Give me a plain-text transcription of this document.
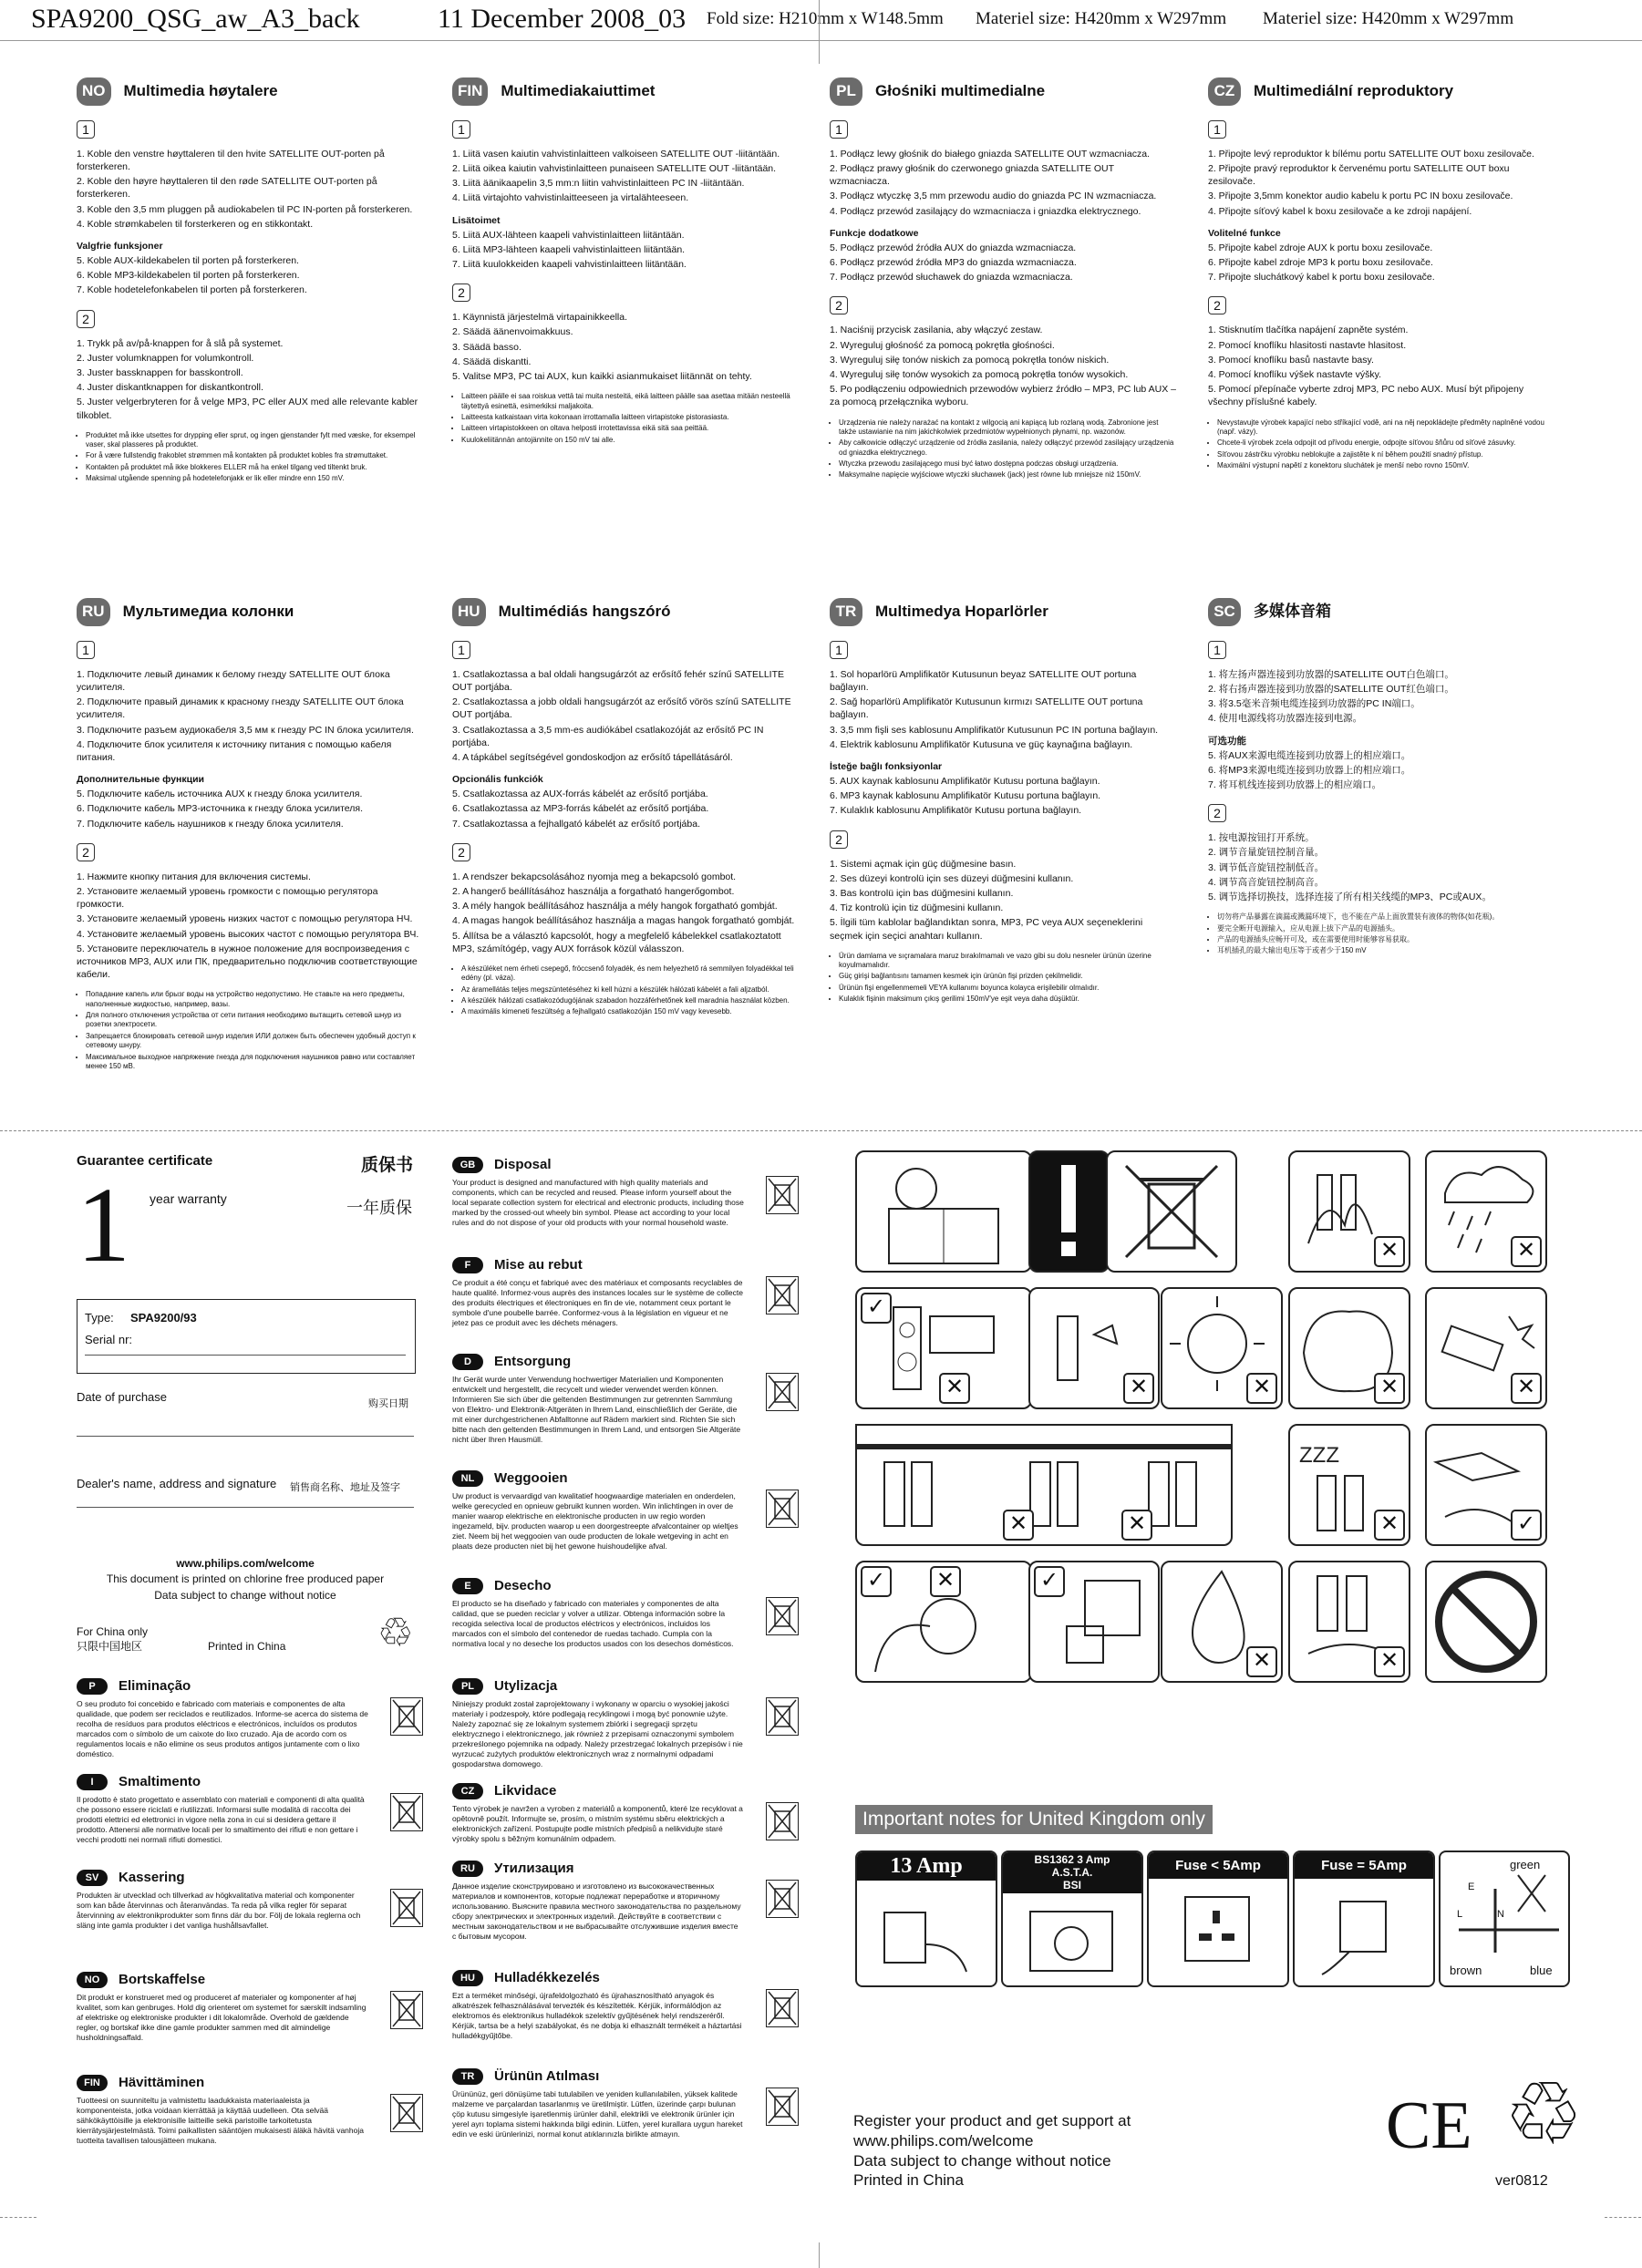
SPA9200_QSG_aw_A3_back	11 December 2008_03 Fold size: H210mm x W148.5mm Materiel size: H420mm x W297mm Materiel size: H420mm x W297mm
NO	Multimedia høytalere
1
1. Koble den venstre høyttaleren til den hvite SATELLITE OUT-porten på forsterkeren.
2. Koble den høyre høyttaleren til den røde SATELLITE OUT-porten på forsterkeren.
3. Koble den 3,5 mm pluggen på audiokabelen til PC IN-porten på forsterkeren.
4. Koble strømkabelen til forsterkeren og en stikkontakt.
Valgfrie funksjoner
5. Koble AUX-kildekabelen til porten på forsterkeren.
6. Koble MP3-kildekabelen til porten på forsterkeren.
7. Koble hodetelefonkabelen til porten på forsterkeren.
2
1. Trykk på av/på-knappen for å slå på systemet.
2. Juster volumknappen for volumkontroll.
3. Juster bassknappen for basskontroll.
4. Juster diskantknappen for diskantkontroll.
5. Juster velgerbryteren for å velge MP3, PC eller AUX med alle relevante kabler tilkoblet.
• Produktet må ikke utsettes for drypping eller sprut, og ingen gjenstander fylt med væske, for eksempel vaser, skal plasseres på produktet.
• For å være fullstendig frakoblet strømmen må kontakten på produktet kobles fra strømuttaket.
• Kontakten på produktet må ikke blokkeres ELLER må ha enkel tilgang ved tiltenkt bruk.
• Maksimal utgående spenning på hodetelefonjakk er lik eller mindre enn 150 mV.
FIN	Multimediakaiuttimet
1
1. Liitä vasen kaiutin vahvistinlaitteen valkoiseen SATELLITE OUT -liitäntään.
2. Liitä oikea kaiutin vahvistinlaitteen punaiseen SATELLITE OUT -liitäntään.
3. Liitä äänikaapelin 3,5 mm:n liitin vahvistinlaitteen PC IN -liitäntään.
4. Liitä virtajohto vahvistinlaitteeseen ja virtalähteeseen.
Lisätoimet
5. Liitä AUX-lähteen kaapeli vahvistinlaitteen liitäntään.
6. Liitä MP3-lähteen kaapeli vahvistinlaitteen liitäntään.
7. Liitä kuulokkeiden kaapeli vahvistinlaitteen liitäntään.
2
1. Käynnistä järjestelmä virtapainikkeella.
2. Säädä äänenvoimakkuus.
3. Säädä basso.
4. Säädä diskantti.
5. Valitse MP3, PC tai AUX, kun kaikki asianmukaiset liitännät on tehty.
• Laitteen päälle ei saa roiskua vettä tai muita nesteitä, eikä laitteen päälle saa asettaa mitään nesteellä täytettyä esinettä, esimerkiksi maljakoita.
• Laitteesta katkaistaan virta kokonaan irrottamalla laitteen virtapistoke pistorasiasta.
• Laitteen virtapistokkeen on oltava helposti irrotettavissa eikä sitä saa peittää.
• Kuulokeliitännän antojännite on 150 mV tai alle.
PL	Głośniki multimedialne
1
1. Podłącz lewy głośnik do białego gniazda SATELLITE OUT wzmacniacza.
2. Podłącz prawy głośnik do czerwonego gniazda SATELLITE OUT wzmacniacza.
3. Podłącz wtyczkę 3,5 mm przewodu audio do gniazda PC IN wzmacniacza.
4. Podłącz przewód zasilający do wzmacniacza i gniazdka elektrycznego.
Funkcje dodatkowe
5. Podłącz przewód źródła AUX do gniazda wzmacniacza.
6. Podłącz przewód źródła MP3 do gniazda wzmacniacza.
7. Podłącz przewód słuchawek do gniazda wzmacniacza.
2
1. Naciśnij przycisk zasilania, aby włączyć zestaw.
2. Wyreguluj głośność za pomocą pokrętła głośności.
3. Wyreguluj siłę tonów niskich za pomocą pokrętła tonów niskich.
4. Wyreguluj siłę tonów wysokich za pomocą pokrętła tonów wysokich.
5. Po podłączeniu odpowiednich przewodów wybierz źródło – MP3, PC lub AUX – za pomocą przełącznika wyboru.
• Urządzenia nie należy narażać na kontakt z wilgocią ani kapiącą lub rozlaną wodą. Zabronione jest także ustawianie na nim jakichkolwiek przedmiotów wypełnionych płynami, np. wazonów.
• Aby całkowicie odłączyć urządzenie od źródła zasilania, należy odłączyć przewód zasilający urządzenia od gniazdka elektrycznego.
• Wtyczka przewodu zasilającego musi być łatwo dostępna podczas obsługi urządzenia.
• Maksymalne napięcie wyjściowe wtyczki słuchawek (jack) jest równe lub mniejsze niż 150mV.
CZ	Multimediální reproduktory
1
1. Připojte levý reproduktor k bílému portu SATELLITE OUT boxu zesilovače.
2. Připojte pravý reproduktor k červenému portu SATELLITE OUT boxu zesilovače.
3. Připojte 3,5mm konektor audio kabelu k portu PC IN boxu zesilovače.
4. Připojte síťový kabel k boxu zesilovače a ke zdroji napájení.
Volitelné funkce
5. Připojte kabel zdroje AUX k portu boxu zesilovače.
6. Připojte kabel zdroje MP3 k portu boxu zesilovače.
7. Připojte sluchátkový kabel k portu boxu zesilovače.
2
1. Stisknutím tlačítka napájení zapněte systém.
2. Pomocí knoflíku hlasitosti nastavte hlasitost.
3. Pomocí knoflíku basů nastavte basy.
4. Pomocí knoflíku výšek nastavte výšky.
5. Pomocí přepínače vyberte zdroj MP3, PC nebo AUX. Musí být připojeny všechny příslušné kabely.
• Nevystavujte výrobek kapající nebo stříkající vodě, ani na něj nepokládejte předměty naplněné vodou (např. vázy).
• Chcete-li výrobek zcela odpojit od přívodu energie, odpojte síťovou šňůru od síťové zásuvky.
• Síťovou zástrčku výrobku neblokujte a zajistěte k ní během použití snadný přístup.
• Maximální výstupní napětí z konektoru sluchátek je menší nebo rovno 150mV.
RU	Мультимедиа колонки
1
1. Подключите левый динамик к белому гнезду SATELLITE OUT блока усилителя.
2. Подключите правый динамик к красному гнезду SATELLITE OUT блока усилителя.
3. Подключите разъем аудиокабеля 3,5 мм к гнезду PC IN блока усилителя.
4. Подключите блок усилителя к источнику питания с помощью кабеля питания.
Дополнительные функции
5. Подключите кабель источника AUX к гнезду блока усилителя.
6. Подключите кабель MP3-источника к гнезду блока усилителя.
7. Подключите кабель наушников к гнезду блока усилителя.
2
1. Нажмите кнопку питания для включения системы.
2. Установите желаемый уровень громкости с помощью регулятора громкости.
3. Установите желаемый уровень низких частот с помощью регулятора НЧ.
4. Установите желаемый уровень высоких частот с помощью регулятора ВЧ.
5. Установите переключатель в нужное положение для воспроизведения с источников MP3, AUX или ПК, предварительно подключив соответствующие кабели.
• Попадание капель или брызг воды на устройство недопустимо. Не ставьте на него предметы, наполненные жидкостью, например, вазы.
• Для полного отключения устройства от сети питания необходимо вытащить сетевой шнур из розетки электросети.
• Запрещается блокировать сетевой шнур изделия ИЛИ должен быть обеспечен удобный доступ к сетевому шнуру.
• Максимальное выходное напряжение гнезда для подключения наушников равно или составляет менее 150 мВ.
HU	Multimédiás hangszóró
1
1. Csatlakoztassa a bal oldali hangsugárzót az erősítő fehér színű SATELLITE OUT portjába.
2. Csatlakoztassa a jobb oldali hangsugárzót az erősítő vörös színű SATELLITE OUT portjába.
3. Csatlakoztassa a 3,5 mm-es audiókábel csatlakozóját az erősítő PC IN portjába.
4. A tápkábel segítségével gondoskodjon az erősítő tápellátásáról.
Opcionális funkciók
5. Csatlakoztassa az AUX-forrás kábelét az erősítő portjába.
6. Csatlakoztassa az MP3-forrás kábelét az erősítő portjába.
7. Csatlakoztassa a fejhallgató kábelét az erősítő portjába.
2
1. A rendszer bekapcsolásához nyomja meg a bekapcsoló gombot.
2. A hangerő beállításához használja a forgatható hangerőgombot.
3. A mély hangok beállításához használja a mély hangok forgatható gombját.
4. A magas hangok beállításához használja a magas hangok forgatható gombját.
5. Állítsa be a választó kapcsolót, hogy a megfelelő kábelekkel csatlakoztatott MP3, számítógép, vagy AUX források közül válasszon.
• A készüléket nem érheti csepegő, fröccsenő folyadék, és nem helyezhető rá semmilyen folyadékkal teli edény (pl. váza).
• Az áramellátás teljes megszüntetéséhez ki kell húzni a készülék hálózati kábelét a fali aljzatból.
• A készülék hálózati csatlakozódugójának szabadon hozzáférhetőnek kell maradnia használat közben.
• A maximális kimeneti feszültség a fejhallgató csatlakozóján 150 mV vagy kevesebb.
TR	Multimedya Hoparlörler
1
1. Sol hoparlörü Amplifikatör Kutusunun beyaz SATELLITE OUT portuna bağlayın.
2. Sağ hoparlörü Amplifikatör Kutusunun kırmızı SATELLITE OUT portuna bağlayın.
3. 3,5 mm fişli ses kablosunu Amplifikatör Kutusunun PC IN portuna bağlayın.
4. Elektrik kablosunu Amplifikatör Kutusuna ve güç kaynağına bağlayın.
İsteğe bağlı fonksiyonlar
5. AUX kaynak kablosunu Amplifikatör Kutusu portuna bağlayın.
6. MP3 kaynak kablosunu Amplifikatör Kutusu portuna bağlayın.
7. Kulaklık kablosunu Amplifikatör Kutusu portuna bağlayın.
2
1. Sistemi açmak için güç düğmesine basın.
2. Ses düzeyi kontrolü için ses düzeyi düğmesini kullanın.
3. Bas kontrolü için bas düğmesini kullanın.
4. Tiz kontrolü için tiz düğmesini kullanın.
5. İlgili tüm kablolar bağlandıktan sonra, MP3, PC veya AUX seçeneklerini seçmek için seçici anahtarı kullanın.
• Ürün damlama ve sıçramalara maruz bırakılmamalı ve vazo gibi su dolu nesneler ürünün üzerine koyulmamalıdır.
• Güç girişi bağlantısını tamamen kesmek için ürünün fişi prizden çekilmelidir.
• Ürünün fişi engellenmemeli VEYA kullanımı boyunca kolayca erişilebilir olmalıdır.
• Kulaklık fişinin maksimum çıkış gerilimi 150mV'ye eşit veya daha düşüktür.
SC	多媒体音箱
1
1. 将左扬声器连接到功放器的SATELLITE OUT白色端口。
2. 将右扬声器连接到功放器的SATELLITE OUT红色端口。
3. 将3.5毫米音频电缆连接到功放器的PC IN端口。
4. 使用电源线将功放器连接到电源。
可选功能
5. 将AUX来源电缆连接到功放器上的相应端口。
6. 将MP3来源电缆连接到功放器上的相应端口。
7. 将耳机线连接到功放器上的相应端口。
2
1. 按电源按钮打开系统。
2. 调节音量旋钮控制音量。
3. 调节低音旋钮控制低音。
4. 调节高音旋钮控制高音。
5. 调节选择切换技，选择连接了所有相关线缆的MP3、PC或AUX。
• 切勿将产品暴露在滴漏或溅漏环境下，也不能在产品上面放置装有液体的物体(如花瓶)。
• 要完全断开电源输入，应从电源上拔下产品的电源插头。
• 产品的电源插头应畅开可及，或在需要使用时能够容易获取。
• 耳机插孔的最大输出电压等于或者少于150 mV
Guarantee certificate	质保书
1 year warranty	一年质保
Type: SPA9200/93
Serial nr:
Date of purchase	购买日期
Dealer's name, address and signature 销售商名称、地址及签字
www.philips.com/welcome
This document is printed on chlorine free produced paper
Data subject to change without notice
For China only
只限中国地区	Printed in China ♲
GB	Disposal
Your product is designed and manufactured with high quality materials and components, which can be recycled and reused. Please inform yourself about the local separate collection system for electrical and electronic products, including those marked by the crossed-out wheely bin symbol. Please act according to your local rules and do not dispose of your old products with your normal household waste.
F	Mise au rebut
Ce produit a été conçu et fabriqué avec des matériaux et composants recyclables de haute qualité. Informez-vous auprès des instances locales sur le système de collecte des produits électriques et électroniques en fin de vie, notamment ceux portant le symbole d'une poubelle barrée. Conformez-vous à la législation en vigueur et ne jetez pas ce produit avec les déchets ménagers.
D	Entsorgung
Ihr Gerät wurde unter Verwendung hochwertiger Materialien und Komponenten entwickelt und hergestellt, die recycelt und wieder verwendet werden können. Informieren Sie sich über die geltenden Bestimmungen zur getrennten Sammlung von Elektro- und Elektronik-Altgeräten in Ihrem Land, einschließlich der Geräte, die mit einer durchgestrichenen Abfalltonne auf Rädern markiert sind. Richten Sie sich bitte nach den geltenden Bestimmungen in Ihrem Land, und entsorgen Sie Altgeräte nicht über Ihren Hausmüll.
NL	Weggooien
Uw product is vervaardigd van kwalitatief hoogwaardige materialen en onderdelen, welke gerecycled en opnieuw gebruikt kunnen worden. Win inlichtingen in over de manier waarop elektrische en elektronische producten in uw regio worden ingezameld, bijv. producten waarop u een doorgestreepte afvalcontainer op wieltjes ziet. Neem bij het weggooien van oude producten de lokale wetgeving in acht en plaats deze producten niet bij het gewone huishoudelijke afval.
E	Desecho
El producto se ha diseñado y fabricado con materiales y componentes de alta calidad, que se pueden reciclar y volver a utilizar. Obtenga información sobre la recogida selectiva local de productos eléctricos y electrónicos, incluidos los marcados con el símbolo del contenedor de ruedas tachado. Cumpla con la normativa local y no deseche los productos usados con los desechos domésticos.
P	Eliminação
O seu produto foi concebido e fabricado com materiais e componentes de alta qualidade, que podem ser reciclados e reutilizados. Informe-se acerca do sistema de recolha de resíduos para produtos eléctricos e electrónicos, incluídos os produtos marcados com o símbolo de um caixote do lixo cruzado. Aja de acordo com os regulamentos locais e não elimine os seus produtos antigos juntamente com o lixo doméstico.
PL	Utylizacja
Niniejszy produkt został zaprojektowany i wykonany w oparciu o wysokiej jakości materiały i podzespoły, które podlegają recyklingowi i mogą być ponownie użyte. Należy zapoznać się ze lokalnym systemem zbiórki i segregacji sprzętu elektrycznego i elektronicznego, jak również z przepisami oznaczonymi symbolem przekreślonego pojemnika na odpady. Należy przestrzegać lokalnych przepisów i nie wyrzucać zużytych produktów elektronicznych wraz z normalnymi odpadami gospodarstwa domowego.
I	Smaltimento
Il prodotto è stato progettato e assemblato con materiali e componenti di alta qualità che possono essere riciclati e riutilizzati. Informarsi sulle modalità di raccolta dei prodotti elettrici ed elettronici in vigore nella zona in cui si desidera gettare il prodotto. Attenersi alle normative locali per lo smaltimento dei rifiuti e non gettare i vecchi prodotti nei normali rifiuti domestici.
CZ	Likvidace
Tento výrobek je navržen a vyroben z materiálů a komponentů, které lze recyklovat a opětovně použít. Informujte se, prosím, o místním systému sběru elektrických a elektronických zařízení. Postupujte podle místních předpisů a nelikvidujte staré výrobky spolu s běžným komunálním odpadem.
SV	Kassering
Produkten är utvecklad och tillverkad av högkvalitativa material och komponenter som kan både återvinnas och återanvändas. Ta reda på vilka regler för separat återvinning av elektronikprodukter som finns där du bor. Följ de lokala reglerna och släng inte gamla produkter i det vanliga hushållsavfallet.
RU	Утилизация
Данное изделие сконструировано и изготовлено из высококачественных материалов и компонентов, которые подлежат переработке и вторичному использованию. Выясните правила местного законодательства по раздельному сбору электрических и электронных изделий. Действуйте в соответствии с местным законодательством и не выбрасывайте отслужившие изделия вместе с бытовым мусором.
NO	Bortskaffelse
Dit produkt er konstrueret med og produceret af materialer og komponenter af høj kvalitet, som kan genbruges. Hold dig orienteret om systemet for særskilt indsamling af elektriske og elektroniske produkter i dit lokalområde. Overhold de gældende regler, og bortskaf ikke dine gamle produkter sammen med dit almindelige husholdningsaffald.
HU	Hulladékkezelés
Ezt a terméket minőségi, újrafeldolgozható és újrahasznosítható anyagok és alkatrészek felhasználásával tervezték és készítették. Kérjük, informálódjon az elektromos és elektronikus hulladékok szelektív gyűjtésének helyi rendszeréről. Kérjük, tartsa be a helyi szabályokat, és ne dobja ki elhasznált termékeit a háztartási hulladékgyűjtőbe.
FIN	Hävittäminen
Tuotteesi on suunniteltu ja valmistettu laadukkaista materiaaleista ja komponenteista, jotka voidaan kierrättää ja käyttää uudelleen. Ota selvää sähkökäyttöisille ja elektronisille laitteille sekä paristoille tarkoitetusta kierrätysjärjestelmästä. Toimi paikallisten sääntöjen mukaisesti äläkä hävitä vanhoja tuotteita tavallisen talousjätteen mukana.
TR	Ürünün Atılması
Ürününüz, geri dönüşüme tabi tutulabilen ve yeniden kullanılabilen, yüksek kalitede malzeme ve parçalardan tasarlanmış ve üretilmiştir. Lütfen, üzerinde çarpı bulunan çöp kutusu simgesiyle işaretlenmiş ürünler dahil, elektrikli ve elektronik ürünler için yerel ayrı toplama sistemi hakkında bilgi edinin. Lütfen, yerel kurallara uygun hareket edin ve eski ürünlerinizi, normal konut atıklarınızla birlikte atmayın.
✕	✕
✓
✕	✕	✕	✕	✕
✕	✕
ZZZ
✕	✓
✓ ✕	✓
✕	✕
Important notes for United Kingdom only
13 Amp	BS1362 3 Amp
A.S.T.A.
BSI
Fuse < 5Amp	Fuse = 5Amp	green
E
L	N
brown	blue
Register your product and get support at
www.philips.com/welcome
Data subject to change without notice
Printed in China
CE ♲
ver0812
